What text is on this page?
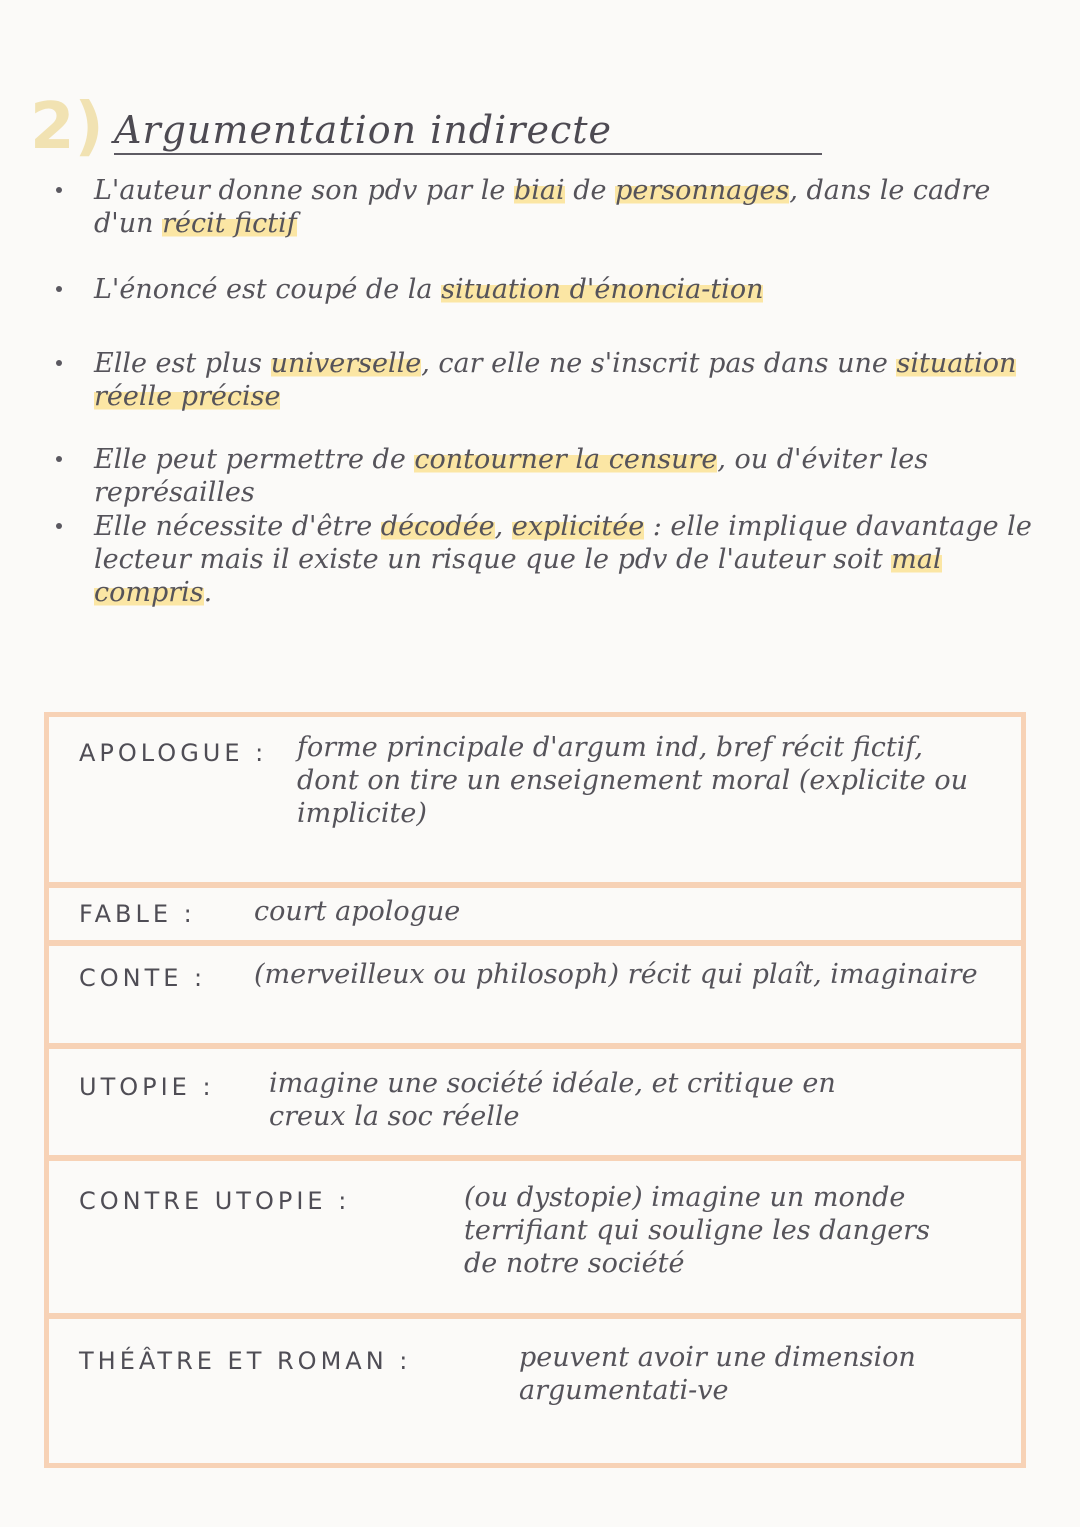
2) Argumentation indirecte
L'auteur donne son pdv par le biai de personnages, dans le cadre d'un récit fictif
L'énoncé est coupé de la situation d'énoncia-tion
Elle est plus universelle, car elle ne s'inscrit pas dans une situation réelle précise
Elle peut permettre de contourner la censure, ou d'éviter les représailles
Elle nécessite d'être décodée, explicitée : elle implique davantage le lecteur mais il existe un risque que le pdv de l'auteur soit mal compris.
APOLOGUE : forme principale d'argum ind, bref récit fictif, dont on tire un enseignement moral (explicite ou implicite)
FABLE : court apologue
CONTE : (merveilleux ou philosoph) récit qui plaît, imaginaire
UTOPIE : imagine une société idéale, et critique en creux la soc réelle
CONTRE UTOPIE :	(ou dystopie) imagine un monde terrifiant qui souligne les dangers de notre société
THÉÂTRE ET ROMAN :	peuvent avoir une dimension argumentati-ve
